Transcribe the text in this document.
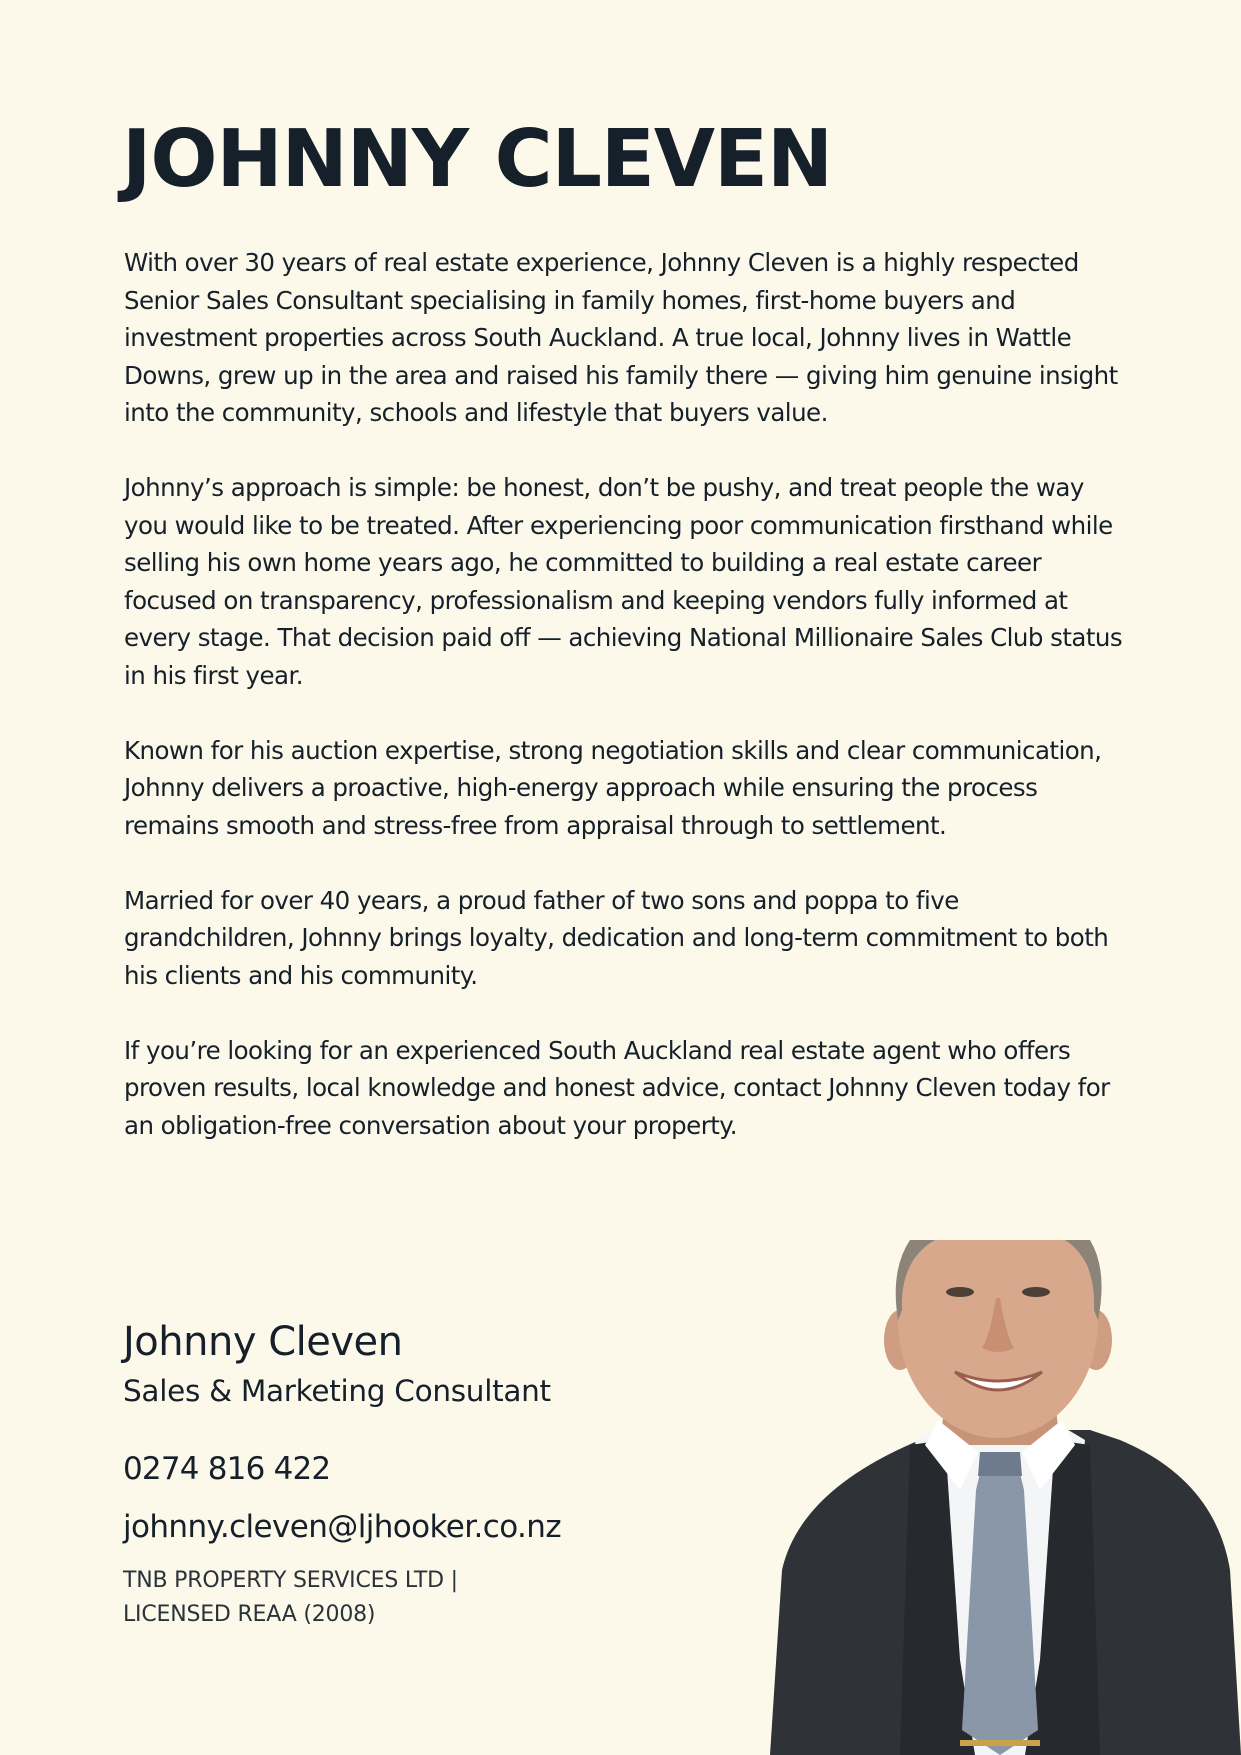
JOHNNY CLEVEN

With over 30 years of real estate experience, Johnny Cleven is a highly respected Senior Sales Consultant specialising in family homes, first-home buyers and investment properties across South Auckland. A true local, Johnny lives in Wattle Downs, grew up in the area and raised his family there — giving him genuine insight into the community, schools and lifestyle that buyers value.

Johnny’s approach is simple: be honest, don’t be pushy, and treat people the way you would like to be treated. After experiencing poor communication firsthand while selling his own home years ago, he committed to building a real estate career focused on transparency, professionalism and keeping vendors fully informed at every stage. That decision paid off — achieving National Millionaire Sales Club status in his first year.

Known for his auction expertise, strong negotiation skills and clear communication, Johnny delivers a proactive, high-energy approach while ensuring the process remains smooth and stress-free from appraisal through to settlement.

Married for over 40 years, a proud father of two sons and poppa to five grandchildren, Johnny brings loyalty, dedication and long-term commitment to both his clients and his community.

If you’re looking for an experienced South Auckland real estate agent who offers proven results, local knowledge and honest advice, contact Johnny Cleven today for an obligation-free conversation about your property.

Johnny Cleven
Sales & Marketing Consultant
0274 816 422
johnny.cleven@ljhooker.co.nz
TNB PROPERTY SERVICES LTD |
LICENSED REAA (2008)
